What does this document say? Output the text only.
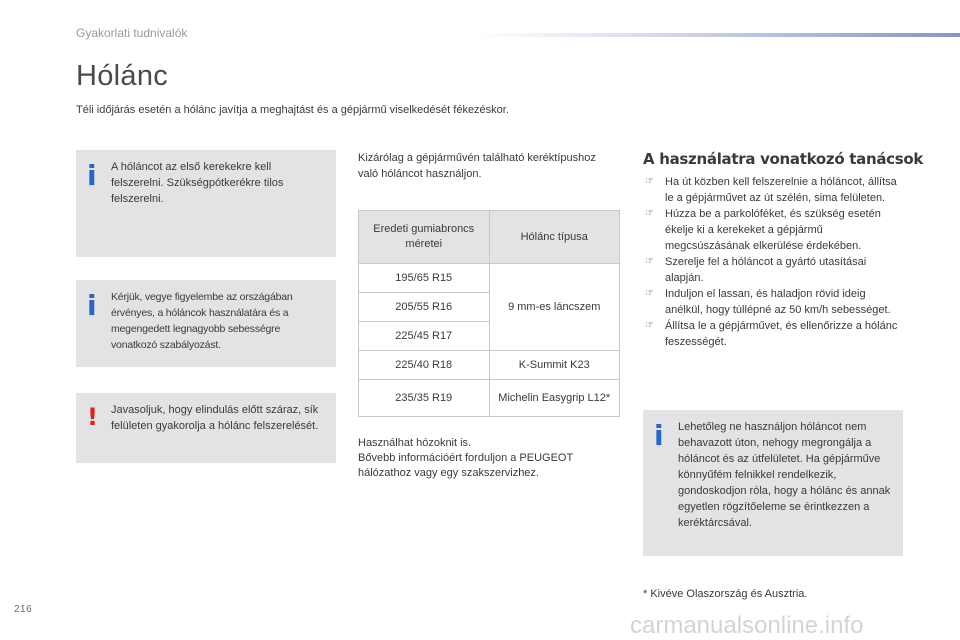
Gyakorlati tudnivalók
Hólánc
Téli időjárás esetén a hólánc javítja a meghajtást és a gépjármű viselkedését fékezéskor.
i A hóláncot az első kerekekre kell felszerelni. Szükségpótkerékre tilos felszerelni.
i Kérjük, vegye figyelembe az országában érvényes, a hóláncok használatára és a megengedett legnagyobb sebességre vonatkozó szabályozást.
! Javasoljuk, hogy elindulás előtt száraz, sík felületen gyakorolja a hólánc felszerelését.
Kizárólag a gépjárművén található keréktípushoz való hóláncot használjon.
Eredeti gumiabroncs méretei	Hólánc típusa
195/65 R15	9 mm-es láncszem
205/55 R16	
225/45 R17	
225/40 R18	K-Summit K23
235/35 R19	Michelin Easygrip L12*
Használhat hózoknit is.
Bővebb információért forduljon a PEUGEOT hálózathoz vagy egy szakszervizhez.
A használatra vonatkozó tanácsok
☞ Ha út közben kell felszerelnie a hóláncot, állítsa le a gépjárművet az út szélén, sima felületen.
☞ Húzza be a parkolóféket, és szükség esetén ékelje ki a kerekeket a gépjármű megcsúszásának elkerülése érdekében.
☞ Szerelje fel a hóláncot a gyártó utasításai alapján.
☞ Induljon el lassan, és haladjon rövid ideig anélkül, hogy túllépné az 50 km/h sebességet.
☞ Állítsa le a gépjárművet, és ellenőrizze a hólánc feszességét.
i Lehetőleg ne használjon hóláncot nem behavazott úton, nehogy megrongálja a hóláncot és az útfelületet. Ha gépjárműve könnyűfém felnikkel rendelkezik, gondoskodjon róla, hogy a hólánc és annak egyetlen rögzítőeleme se érintkezzen a keréktárcsával.
* Kivéve Olaszország és Ausztria.
216
carmanualsonline.info
